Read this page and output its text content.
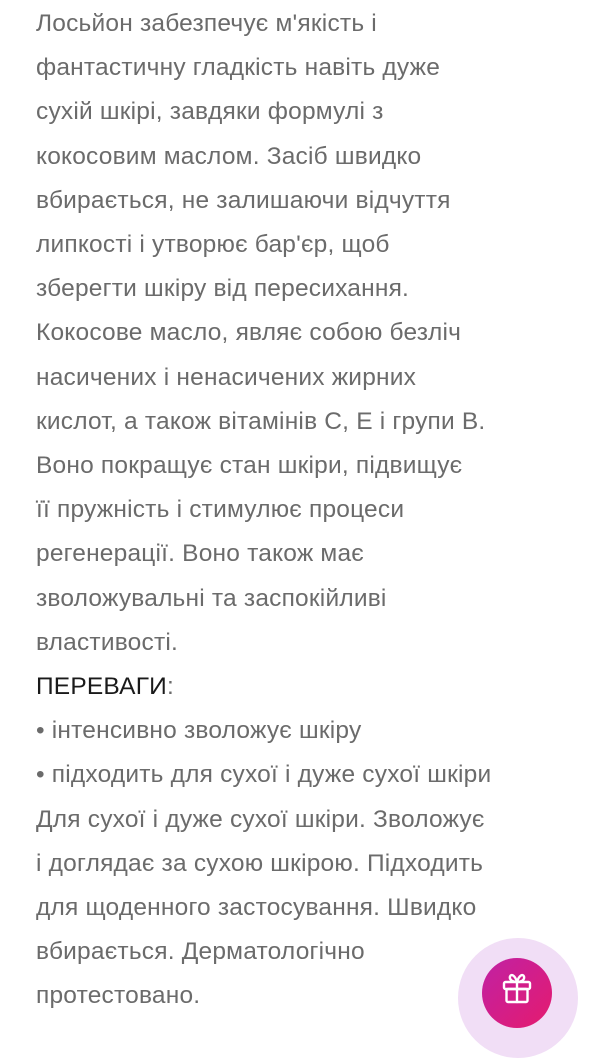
Лосьйон забезпечує м'якість і
фантастичну гладкість навіть дуже
сухій шкірі, завдяки формулі з
кокосовим маслом. Засіб швидко
вбирається, не залишаючи відчуття
липкості і утворює бар'єр, щоб
зберегти шкіру від пересихання.
Кокосове масло, являє собою безліч
насичених і ненасичених жирних
кислот, а також вітамінів C, E і групи B.
Воно покращує стан шкіри, підвищує
її пружність і стимулює процеси
регенерації. Воно також має
зволожувальні та заспокійливі
властивості.
ПЕРЕВАГИ:
• інтенсивно зволожує шкіру
• підходить для сухої і дуже сухої шкіри
Для сухої і дуже сухої шкіри. Зволожує
і доглядає за сухою шкірою. Підходить
для щоденного застосування. Швидко
вбирається. Дерматологічно
протестовано.
